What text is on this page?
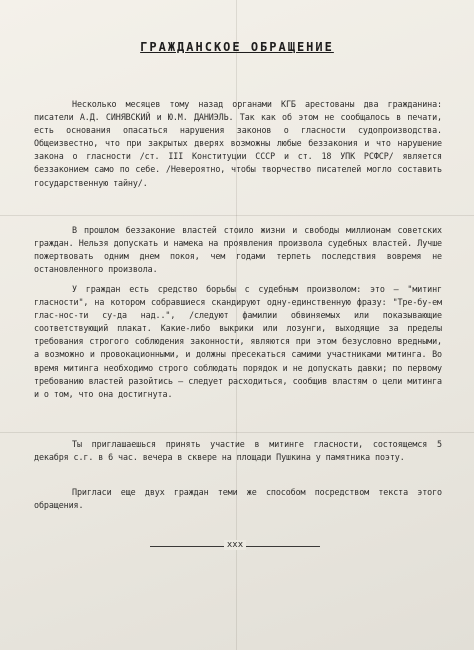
ГРАЖДАНСКОЕ ОБРАЩЕНИЕ
Несколько месяцев тому назад органами КГБ арестованы два гражданина: писатели А.Д. СИНЯВСКИЙ и Ю.М. ДАНИЭЛЬ. Так как об этом не сообщалось в печати, есть основания опасаться нарушения законов о гласности судопроизводства. Общеизвестно, что при закрытых дверях возможны любые беззакония и что нарушение закона о гласности /ст. III Конституции СССР и ст. 18 УПК РСФСР/ является беззаконием само по себе. /Невероятно, чтобы творчество писателей могло составить государственную тайну/.
В прошлом беззаконие властей стоило жизни и свободы миллионам советских граждан. Нельзя допускать и намека на проявления произвола судебных властей. Лучше пожертвовать одним днем покоя, чем годами терпеть последствия вовремя не остановленного произвола.
У граждан есть средство борьбы с судебным произволом: это – "митинг гласности", на котором собравшиеся скандируют одну-единственную фразу: "Тре-бу-ем глас-нос-ти су-да над..", /следуют фамилии обвиняемых или показывающие соответствующий плакат. Какие-либо выкрики или лозунги, выходящие за пределы требования строгого соблюдения законности, являются при этом безусловно вредными, а возможно и провокационными, и должны пресекаться самими участниками митинга. Во время митинга необходимо строго соблюдать порядок и не допускать давки; по первому требованию властей разойтись – следует расходиться, сообщив властям о цели митинга и о том, что она достигнута.
Ты приглашаешься принять участие в митинге гласности, состоящемся 5 декабря с.г. в 6 час. вечера в сквере на площади Пушкина у памятника поэту.
Пригласи еще двух граждан теми же способом посредством текста этого обращения.
ххх
